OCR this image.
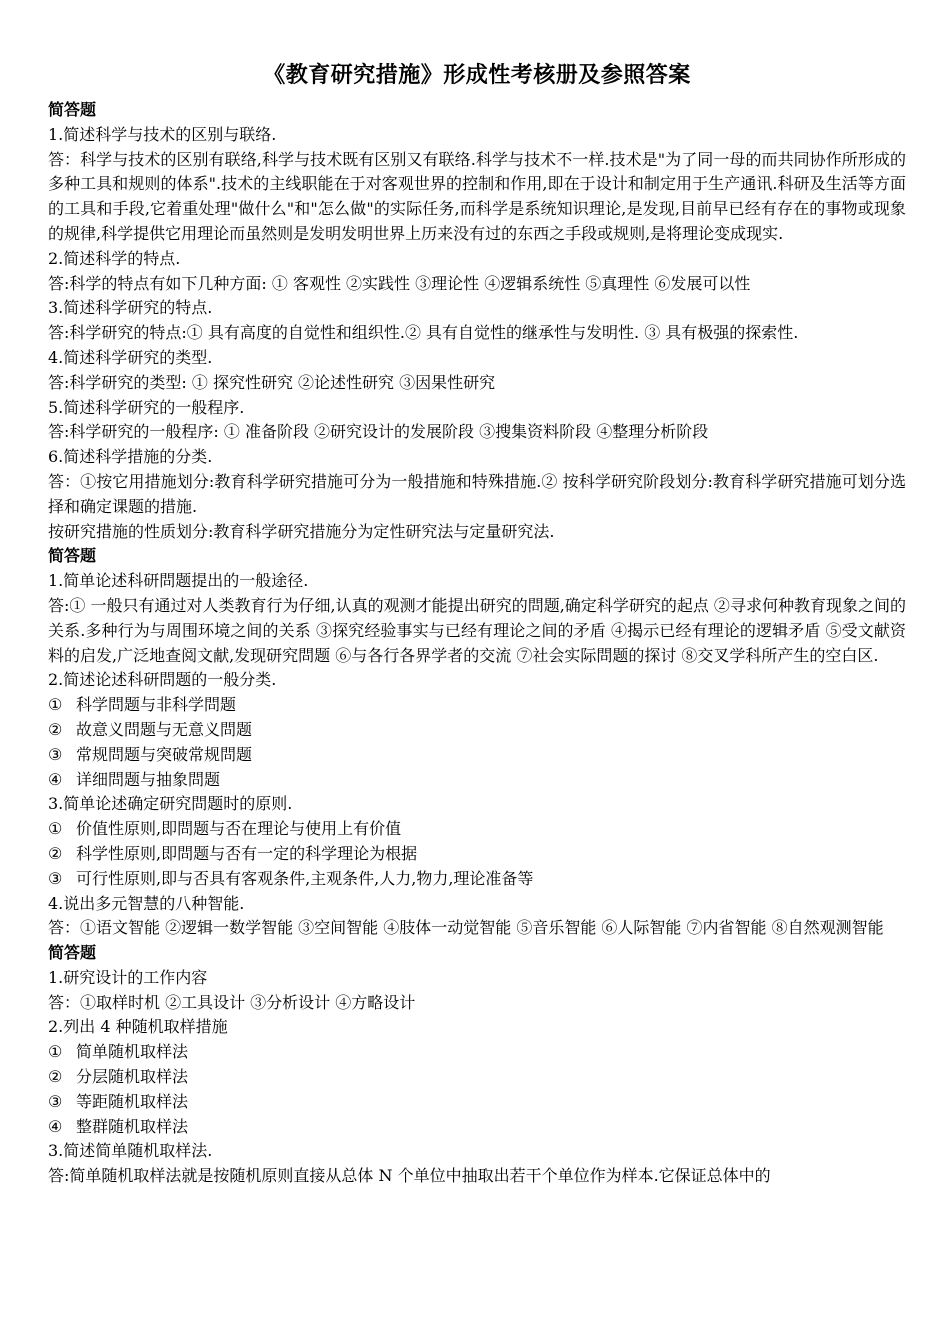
《教育研究措施》形成性考核册及参照答案
简答题
1.简述科学与技术的区别与联络.
答：科学与技术的区别有联络,科学与技术既有区别又有联络.科学与技术不一样.技术是"为了同一母的而共同协作所形成的多种工具和规则的体系".技术的主线职能在于对客观世界的控制和作用,即在于设计和制定用于生产通讯.科研及生活等方面的工具和手段,它着重处理"做什么"和"怎么做"的实际任务,而科学是系统知识理论,是发现,目前早已经有存在的事物或现象的规律,科学提供它用理论而虽然则是发明发明世界上历来没有过的东西之手段或规则,是将理论变成现实.
2.简述科学的特点.
答:科学的特点有如下几种方面: ① 客观性 ②实践性 ③理论性 ④逻辑系统性 ⑤真理性 ⑥发展可以性
3.简述科学研究的特点.
答:科学研究的特点:① 具有高度的自觉性和组织性.② 具有自觉性的继承性与发明性. ③ 具有极强的探索性.
4.简述科学研究的类型.
答:科学研究的类型: ① 探究性研究 ②论述性研究 ③因果性研究
5.简述科学研究的一般程序.
答:科学研究的一般程序: ① 准备阶段 ②研究设计的发展阶段 ③搜集资料阶段 ④整理分析阶段
6.简述科学措施的分类.
答：①按它用措施划分:教育科学研究措施可分为一般措施和特殊措施.② 按科学研究阶段划分:教育科学研究措施可划分选择和确定课题的措施.
按研究措施的性质划分:教育科学研究措施分为定性研究法与定量研究法.
简答题
1.简单论述科研問题提出的一般途径.
答:① 一般只有通过对人类教育行为仔细,认真的观测才能提出研究的問题,确定科学研究的起点 ②寻求何种教育现象之间的关系.多种行为与周围环境之间的关系 ③探究经验事实与已经有理论之间的矛盾 ④揭示已经有理论的逻辑矛盾 ⑤受文献资料的启发,广泛地查阅文献,发现研究問题 ⑥与各行各界学者的交流 ⑦社会实际問题的探讨 ⑧交叉学科所产生的空白区.
2.简述论述科研問题的一般分类.
① 科学問题与非科学問题
② 故意义問题与无意义問题
③ 常规問题与突破常规問题
④ 详细問题与抽象問题
3.简单论述确定研究問题时的原则.
① 价值性原则,即問题与否在理论与使用上有价值
② 科学性原则,即問题与否有一定的科学理论为根据
③ 可行性原则,即与否具有客观条件,主观条件,人力,物力,理论准备等
4.说出多元智慧的八种智能.
答：①语文智能 ②逻辑一数学智能 ③空间智能 ④肢体一动觉智能 ⑤音乐智能 ⑥人际智能 ⑦内省智能 ⑧自然观测智能
简答题
1.研究设计的工作内容
答：①取样时机 ②工具设计 ③分析设计 ④方略设计
2.列出 4 种随机取样措施
① 简单随机取样法
② 分层随机取样法
③ 等距随机取样法
④ 整群随机取样法
3.简述简单随机取样法.
答:简单随机取样法就是按随机原则直接从总体 N 个单位中抽取出若干个单位作为样本.它保证总体中的
